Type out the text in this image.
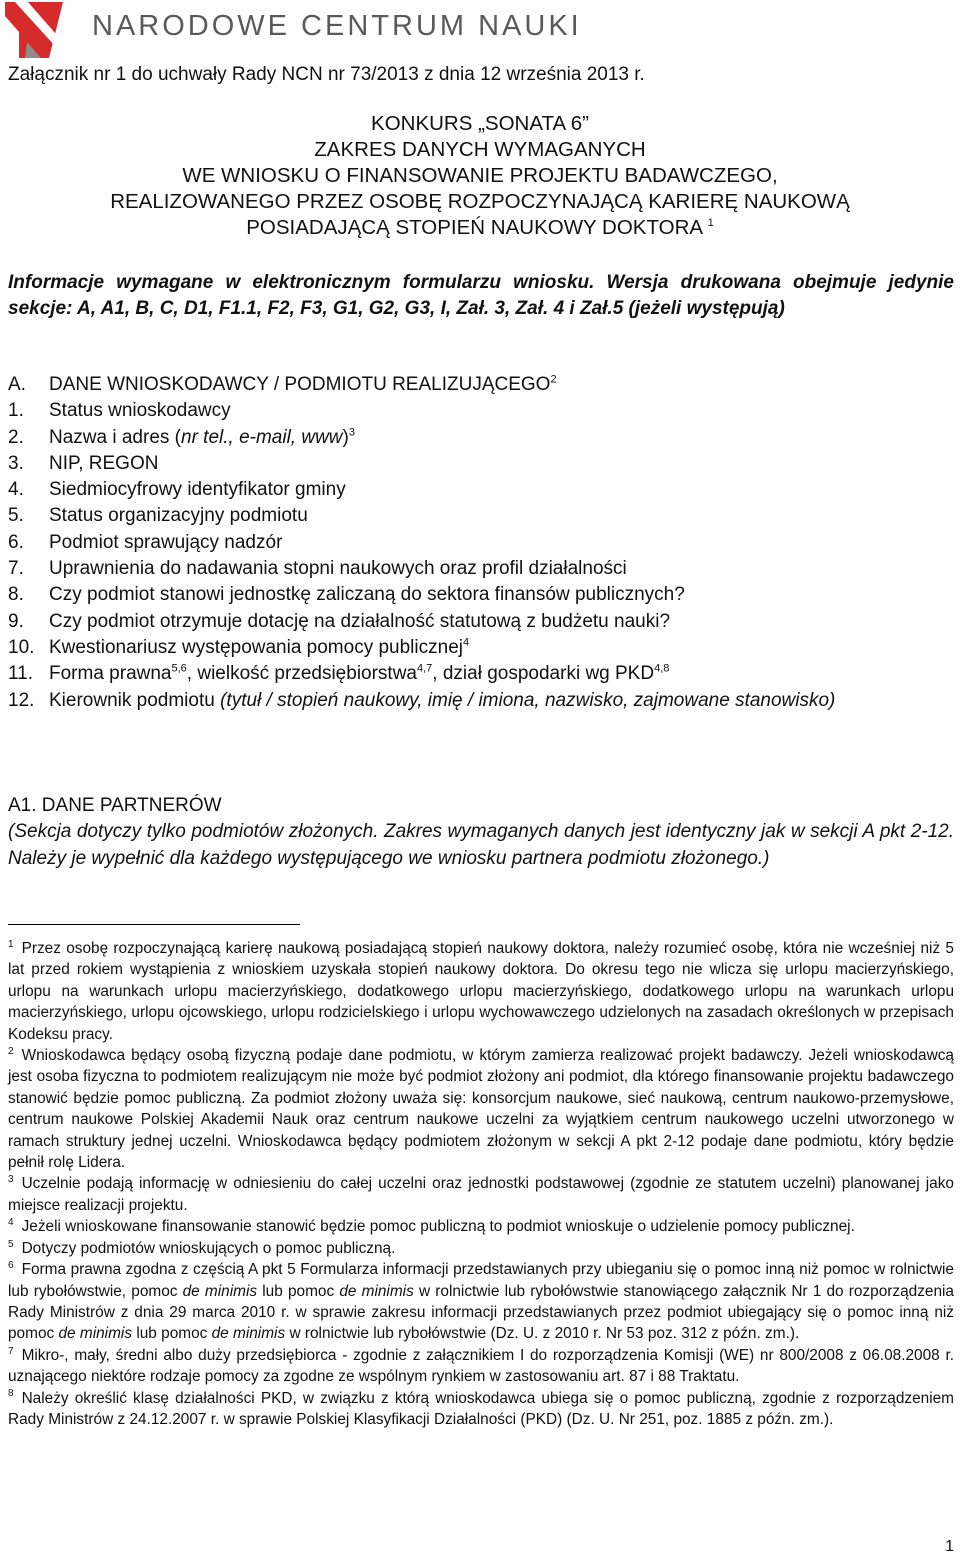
NARODOWE CENTRUM NAUKI
Załącznik nr 1 do uchwały Rady NCN nr 73/2013 z dnia 12 września 2013 r.
KONKURS „SONATA 6”
ZAKRES DANYCH WYMAGANYCH
WE WNIOSKU O FINANSOWANIE PROJEKTU BADAWCZEGO,
REALIZOWANEGO PRZEZ OSOBĘ ROZPOCZYNAJĄCĄ KARIERĘ NAUKOWĄ
POSIADAJĄCĄ STOPIEŃ NAUKOWY DOKTORA $^1$
Informacje wymagane w elektronicznym formularzu wniosku. Wersja drukowana obejmuje jedynie sekcje: A, A1, B, C, D1, F1.1, F2, F3, G1, G2, G3, I, Zał. 3, Zał. 4 i Zał.5 (jeżeli występują)
A.	DANE WNIOSKODAWCY / PODMIOTU REALIZUJĄCEGO$^2$
1.	Status wnioskodawcy
2.	Nazwa i adres (nr tel., e-mail, www)$^3$
3.	NIP, REGON
4.	Siedmiocyfrowy identyfikator gminy
5.	Status organizacyjny podmiotu
6.	Podmiot sprawujący nadzór
7.	Uprawnienia do nadawania stopni naukowych oraz profil działalności
8.	Czy podmiot stanowi jednostkę zaliczaną do sektora finansów publicznych?
9.	Czy podmiot otrzymuje dotację na działalność statutową z budżetu nauki?
10. Kwestionariusz występowania pomocy publicznej$^4$
11. Forma prawna$^{5,6}$, wielkość przedsiębiorstwa$^{4,7}$, dział gospodarki wg PKD$^{4,8}$
12. Kierownik podmiotu (tytuł / stopień naukowy, imię / imiona, nazwisko, zajmowane stanowisko)
A1. DANE PARTNERÓW
(Sekcja dotyczy tylko podmiotów złożonych. Zakres wymaganych danych jest identyczny jak w sekcji A pkt 2-12. Należy je wypełnić dla każdego występującego we wniosku partnera podmiotu złożonego.)

$^1$ Przez osobę rozpoczynającą karierę naukową posiadającą stopień naukowy doktora, należy rozumieć osobę, która nie wcześniej niż 5 lat przed rokiem wystąpienia z wnioskiem uzyskała stopień naukowy doktora. Do okresu tego nie wlicza się urlopu macierzyńskiego, urlopu na warunkach urlopu macierzyńskiego, dodatkowego urlopu macierzyńskiego, dodatkowego urlopu na warunkach urlopu macierzyńskiego, urlopu ojcowskiego, urlopu rodzicielskiego i urlopu wychowawczego udzielonych na zasadach określonych w przepisach Kodeksu pracy.

$^2$ Wnioskodawca będący osobą fizyczną podaje dane podmiotu, w którym zamierza realizować projekt badawczy. Jeżeli wnioskodawcą jest osoba fizyczna to podmiotem realizującym nie może być podmiot złożony ani podmiot, dla którego finansowanie projektu badawczego stanowić będzie pomoc publiczną. Za podmiot złożony uważa się: konsorcjum naukowe, sieć naukową, centrum naukowo-przemysłowe, centrum naukowe Polskiej Akademii Nauk oraz centrum naukowe uczelni za wyjątkiem centrum naukowego uczelni utworzonego w ramach struktury jednej uczelni. Wnioskodawca będący podmiotem złożonym w sekcji A pkt 2-12 podaje dane podmiotu, który będzie pełnił rolę Lidera.

$^3$ Uczelnie podają informację w odniesieniu do całej uczelni oraz jednostki podstawowej (zgodnie ze statutem uczelni) planowanej jako miejsce realizacji projektu.

$^4$ Jeżeli wnioskowane finansowanie stanowić będzie pomoc publiczną to podmiot wnioskuje o udzielenie pomocy publicznej.

$^5$ Dotyczy podmiotów wnioskujących o pomoc publiczną.

$^6$ Forma prawna zgodna z częścią A pkt 5 Formularza informacji przedstawianych przy ubieganiu się o pomoc inną niż pomoc w rolnictwie lub rybołówstwie, pomoc de minimis lub pomoc de minimis w rolnictwie lub rybołówstwie stanowiącego załącznik Nr 1 do rozporządzenia Rady Ministrów z dnia 29 marca 2010 r. w sprawie zakresu informacji przedstawianych przez podmiot ubiegający się o pomoc inną niż pomoc de minimis lub pomoc de minimis w rolnictwie lub rybołówstwie (Dz. U. z 2010 r. Nr 53 poz. 312 z późn. zm.).

$^7$ Mikro-, mały, średni albo duży przedsiębiorca - zgodnie z załącznikiem I do rozporządzenia Komisji (WE) nr 800/2008 z 06.08.2008 r. uznającego niektóre rodzaje pomocy za zgodne ze wspólnym rynkiem w zastosowaniu art. 87 i 88 Traktatu.

$^8$ Należy określić klasę działalności PKD, w związku z którą wnioskodawca ubiega się o pomoc publiczną, zgodnie z rozporządzeniem Rady Ministrów z 24.12.2007 r. w sprawie Polskiej Klasyfikacji Działalności (PKD) (Dz. U. Nr 251, poz. 1885 z późn. zm.).

1
